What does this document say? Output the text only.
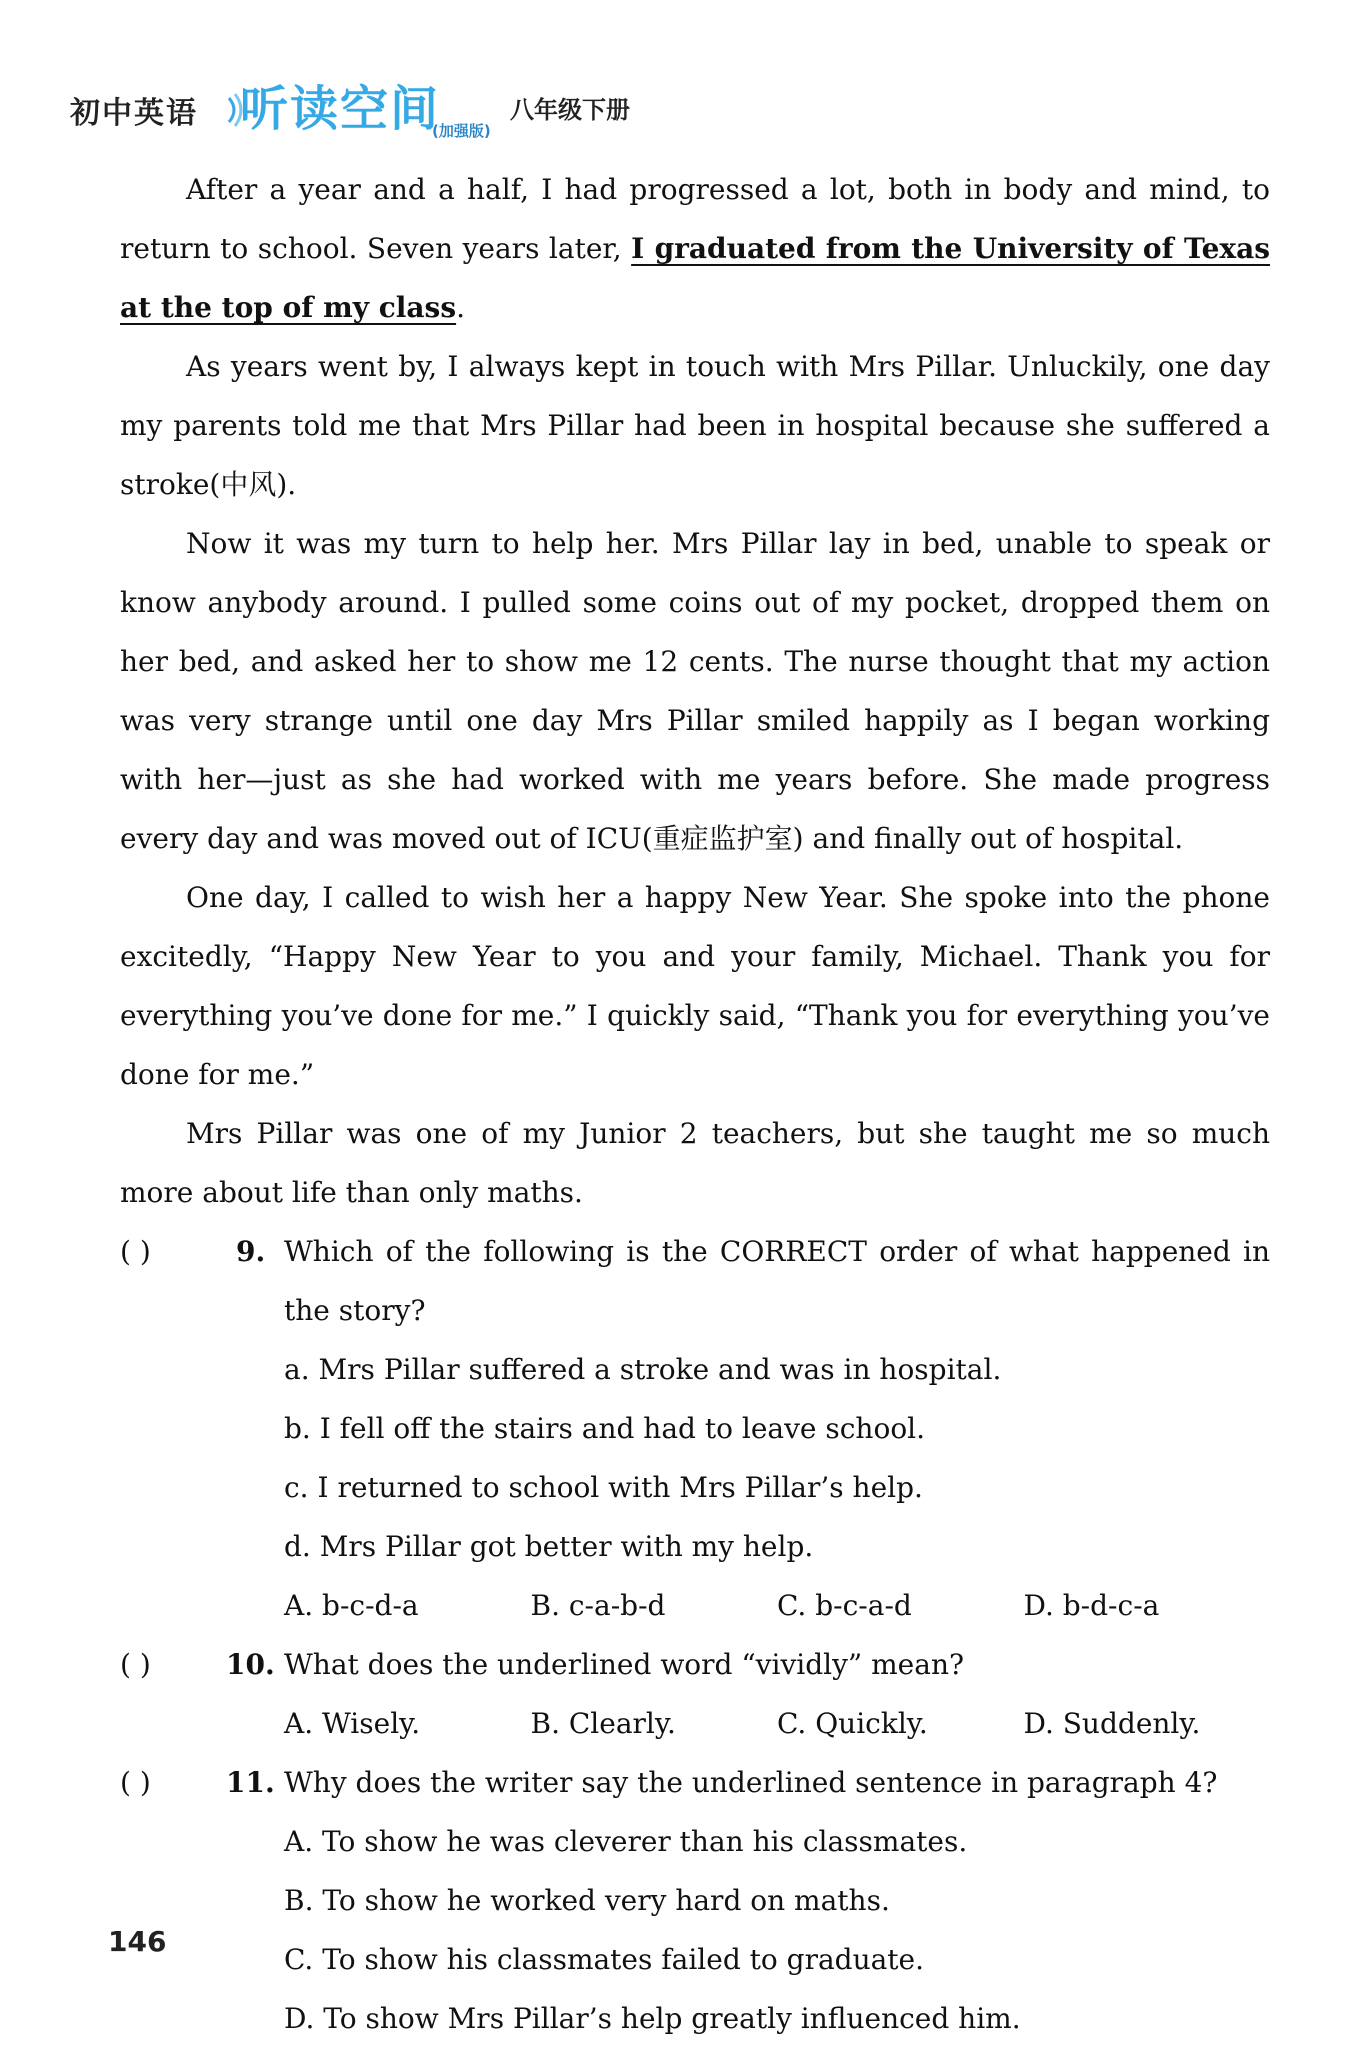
初中英语 听读空间
(加强版)
八年级下册

After a year and a half, I had progressed a lot, both in body and mind, to return to school. Seven years later, I graduated from the University of Texas at the top of my class.

As years went by, I always kept in touch with Mrs Pillar. Unluckily, one day my parents told me that Mrs Pillar had been in hospital because she suffered a stroke(中风).

Now it was my turn to help her. Mrs Pillar lay in bed, unable to speak or know anybody around. I pulled some coins out of my pocket, dropped them on her bed, and asked her to show me 12 cents. The nurse thought that my action was very strange until one day Mrs Pillar smiled happily as I began working with her—just as she had worked with me years before. She made progress every day and was moved out of ICU(重症监护室) and finally out of hospital.

One day, I called to wish her a happy New Year. She spoke into the phone excitedly, “Happy New Year to you and your family, Michael. Thank you for everything you’ve done for me.” I quickly said, “Thank you for everything you’ve done for me.”

Mrs Pillar was one of my Junior 2 teachers, but she taught me so much more about life than only maths.

( )	9. Which of the following is the CORRECT order of what happened in the story?

a. Mrs Pillar suffered a stroke and was in hospital.

b. I fell off the stairs and had to leave school.

c. I returned to school with Mrs Pillar’s help.

d. Mrs Pillar got better with my help.

A. b-c-d-a	B. c-a-b-d	C. b-c-a-d	D. b-d-c-a
( )	10. What does the underlined word “vividly” mean?

A. Wisely.	B. Clearly.	C. Quickly.	D. Suddenly.
( )	11. Why does the writer say the underlined sentence in paragraph 4?

A. To show he was cleverer than his classmates.

B. To show he worked very hard on maths.

C. To show his classmates failed to graduate.

D. To show Mrs Pillar’s help greatly influenced him.

146
